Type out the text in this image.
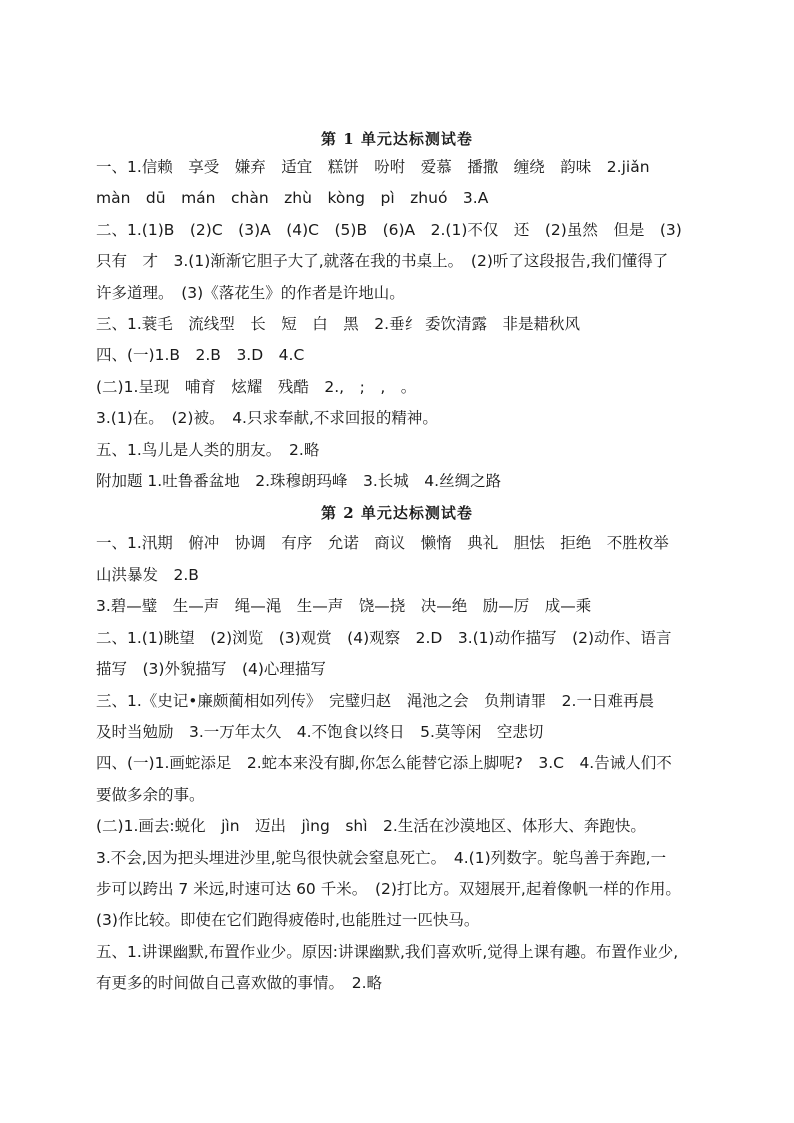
第 1 单元达标测试卷
一、1.信赖　享受　嫌弃　适宜　糕饼　吩咐　爱慕　播撒　缠绕　韵味　2.jiǎn
màn　dū　mán　chàn　zhù　kòng　pì　zhuó　3.A
二、1.(1)B　(2)C　(3)A　(4)C　(5)B　(6)A　2.(1)不仅　还　(2)虽然　但是　(3)
只有　才　3.(1)渐渐它胆子大了,就落在我的书桌上。　(2)听了这段报告,我们懂得了
许多道理。　(3)《落花生》的作者是许地山。
三、1.蓑毛　流线型　长　短　白　黑　2.垂纟 委饮清露　非是耤秋风
四、(一)1.B　2.B　3.D　4.C
(二)1.呈现　哺育　炫耀　残酷　2.,　;　,　。
3.(1)在。　(2)被。　4.只求奉献,不求回报的精神。
五、1.鸟儿是人类的朋友。　2.略
附加题 1.吐鲁番盆地　2.珠穆朗玛峰　3.长城　4.丝绸之路
第 2 单元达标测试卷
一、1.汛期　俯冲　协调　有序　允诺　商议　懒惰　典礼　胆怯　拒绝　不胜枚举
山洪暴发　2.B
3.碧—璧　生—声　绳—渑　生—声　饶—挠　决—绝　励—厉　成—乘
二、1.(1)眺望　(2)浏览　(3)观赏　(4)观察　2.D　3.(1)动作描写　(2)动作、语言
描写　(3)外貌描写　(4)心理描写
三、1.《史记•廉颇蔺相如列传》　完璧归赵　渑池之会　负荆请罪　2.一日难再晨
及时当勉励　3.一万年太久　4.不饱食以终日　5.莫等闲　空悲切
四、(一)1.画蛇添足　2.蛇本来没有脚,你怎么能替它添上脚呢?　3.C　4.告诫人们不
要做多余的事。
(二)1.画去:蜕化　jìn　迈出　jìng　shì　2.生活在沙漠地区、体形大、奔跑快。
3.不会,因为把头埋进沙里,鸵鸟很快就会窒息死亡。　4.(1)列数字。鸵鸟善于奔跑,一
步可以跨出 7 米远,时速可达 60 千米。　(2)打比方。双翅展开,起着像帆一样的作用。
(3)作比较。即使在它们跑得疲倦时,也能胜过一匹快马。
五、1.讲课幽默,布置作业少。原因:讲课幽默,我们喜欢听,觉得上课有趣。布置作业少,
有更多的时间做自己喜欢做的事情。　2.略
